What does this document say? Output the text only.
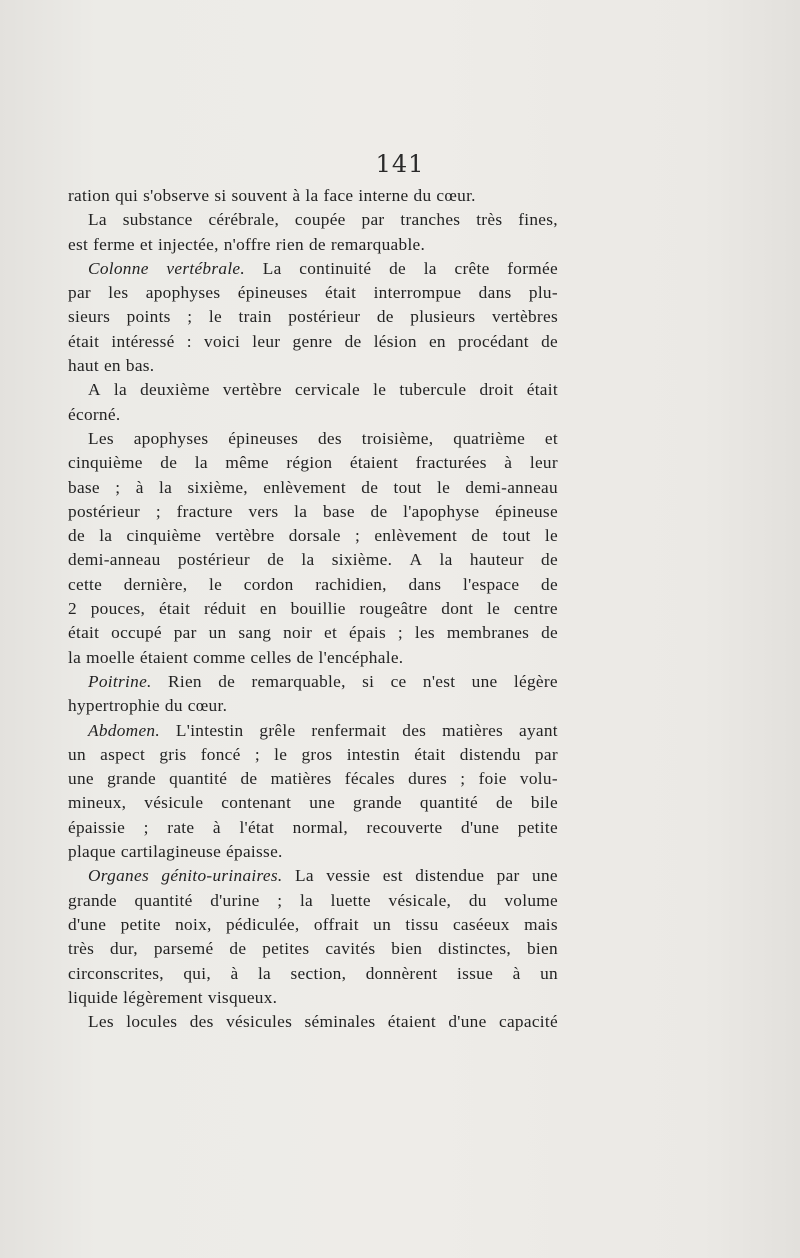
141
ration qui s'observe si souvent à la face interne du cœur.
La substance cérébrale, coupée par tranches très fines,
est ferme et injectée, n'offre rien de remarquable.
Colonne vertébrale. La continuité de la crête formée
par les apophyses épineuses était interrompue dans plu-
sieurs points ; le train postérieur de plusieurs vertèbres
était intéressé : voici leur genre de lésion en procédant de
haut en bas.
A la deuxième vertèbre cervicale le tubercule droit était
écorné.
Les apophyses épineuses des troisième, quatrième et
cinquième de la même région étaient fracturées à leur
base ; à la sixième, enlèvement de tout le demi-anneau
postérieur ; fracture vers la base de l'apophyse épineuse
de la cinquième vertèbre dorsale ; enlèvement de tout le
demi-anneau postérieur de la sixième. A la hauteur de
cette dernière, le cordon rachidien, dans l'espace de
2 pouces, était réduit en bouillie rougeâtre dont le centre
était occupé par un sang noir et épais ; les membranes de
la moelle étaient comme celles de l'encéphale.
Poitrine. Rien de remarquable, si ce n'est une légère
hypertrophie du cœur.
Abdomen. L'intestin grêle renfermait des matières ayant
un aspect gris foncé ; le gros intestin était distendu par
une grande quantité de matières fécales dures ; foie volu-
mineux, vésicule contenant une grande quantité de bile
épaissie ; rate à l'état normal, recouverte d'une petite
plaque cartilagineuse épaisse.
Organes génito-urinaires. La vessie est distendue par une
grande quantité d'urine ; la luette vésicale, du volume
d'une petite noix, pédiculée, offrait un tissu caséeux mais
très dur, parsemé de petites cavités bien distinctes, bien
circonscrites, qui, à la section, donnèrent issue à un
liquide légèrement visqueux.
Les locules des vésicules séminales étaient d'une capacité
